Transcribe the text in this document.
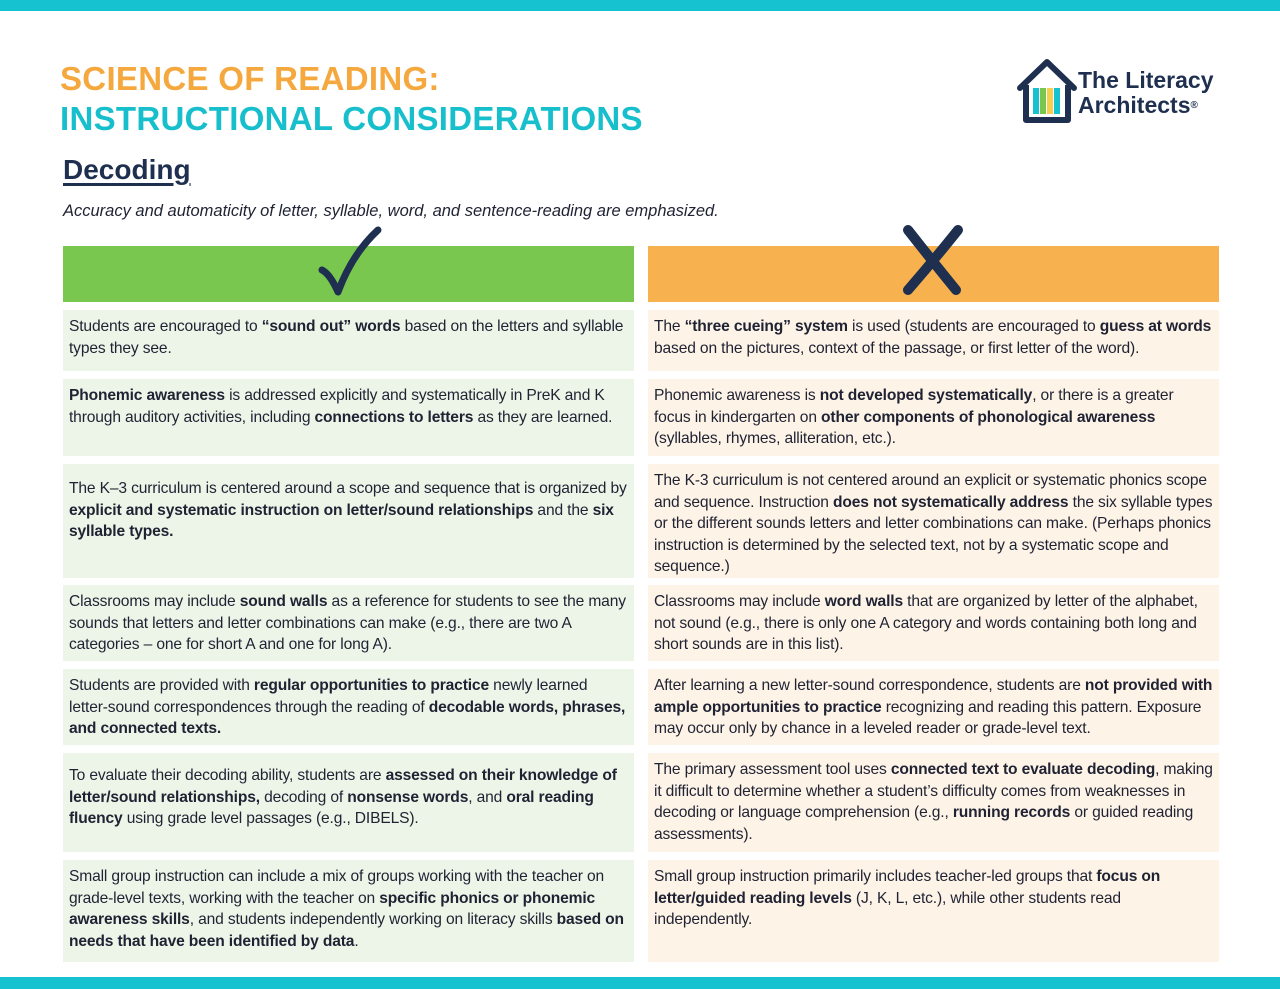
SCIENCE OF READING:
INSTRUCTIONAL CONSIDERATIONS
The Literacy
Architects®
Decoding
Accuracy and automaticity of letter, syllable, word, and sentence-reading are emphasized.
Students are encouraged to “sound out” words based on the letters and syllable types they see.
The “three cueing” system is used (students are encouraged to guess at words based on the pictures, context of the passage, or first letter of the word).
Phonemic awareness is addressed explicitly and systematically in PreK and K through auditory activities, including connections to letters as they are learned.
Phonemic awareness is not developed systematically, or there is a greater focus in kindergarten on other components of phonological awareness (syllables, rhymes, alliteration, etc.).
The K–3 curriculum is centered around a scope and sequence that is organized by explicit and systematic instruction on letter/sound relationships and the six syllable types.
The K-3 curriculum is not centered around an explicit or systematic phonics scope and sequence. Instruction does not systematically address the six syllable types or the different sounds letters and letter combinations can make. (Perhaps phonics instruction is determined by the selected text, not by a systematic scope and sequence.)
Classrooms may include sound walls as a reference for students to see the many sounds that letters and letter combinations can make (e.g., there are two A categories – one for short A and one for long A).
Classrooms may include word walls that are organized by letter of the alphabet, not sound (e.g., there is only one A category and words containing both long and short sounds are in this list).
Students are provided with regular opportunities to practice newly learned letter-sound correspondences through the reading of decodable words, phrases, and connected texts.
After learning a new letter-sound correspondence, students are not provided with ample opportunities to practice recognizing and reading this pattern. Exposure may occur only by chance in a leveled reader or grade-level text.
To evaluate their decoding ability, students are assessed on their knowledge of letter/sound relationships, decoding of nonsense words, and oral reading fluency using grade level passages (e.g., DIBELS).
The primary assessment tool uses connected text to evaluate decoding, making it difficult to determine whether a student’s difficulty comes from weaknesses in decoding or language comprehension (e.g., running records or guided reading assessments).
Small group instruction can include a mix of groups working with the teacher on grade-level texts, working with the teacher on specific phonics or phonemic awareness skills, and students independently working on literacy skills based on needs that have been identified by data.
Small group instruction primarily includes teacher-led groups that focus on letter/guided reading levels (J, K, L, etc.), while other students read independently.
